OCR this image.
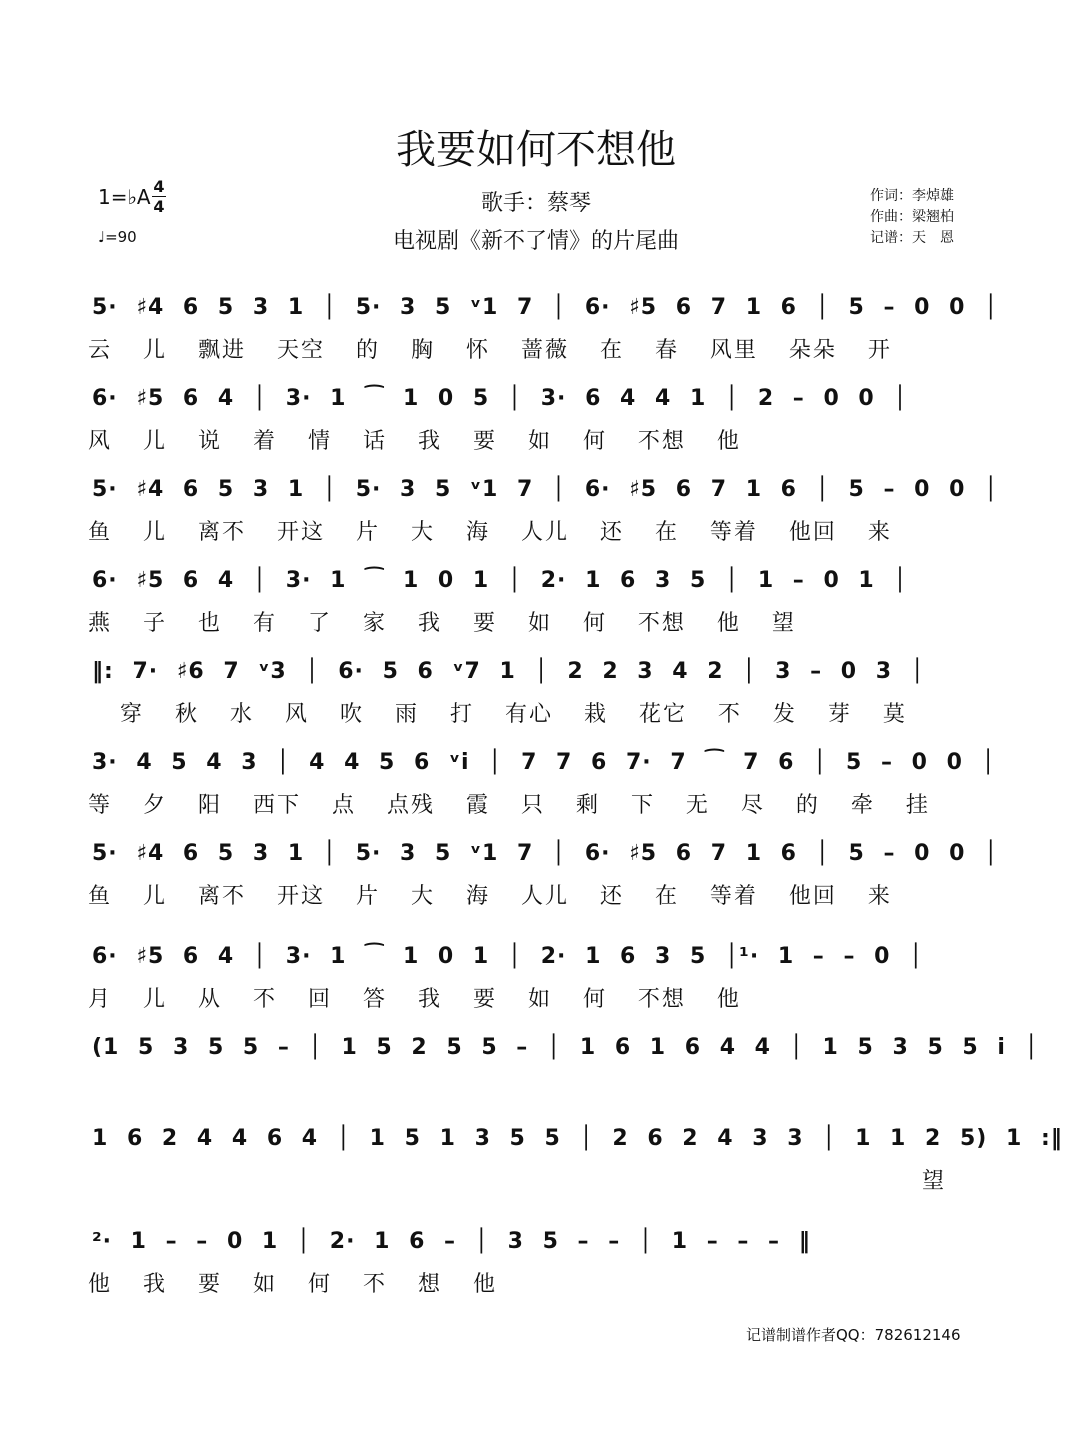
我要如何不想他
歌手：蔡琴
电视剧《新不了情》的片尾曲
1=♭A 4
4
♩=90
作词：李焯雄
作曲：梁翘柏
记谱：天　恩
5· ♯4 6 5 3 1 │ 5· 3 5 ᵛ1 7 │ 6· ♯5 6 7 1 6 │ 5 – 0 0 │
云 儿 飘进 天空 的 胸 怀 蔷薇 在 春 风里 朵朵 开
6· ♯5 6 4 │ 3· 1 ⁀ 1 0 5 │ 3· 6 4 4 1 │ 2 – 0 0 │
风 儿 说 着 情 话 我 要 如 何 不想 他
5· ♯4 6 5 3 1 │ 5· 3 5 ᵛ1 7 │ 6· ♯5 6 7 1 6 │ 5 – 0 0 │
鱼 儿 离不 开这 片 大 海 人儿 还 在 等着 他回 来
6· ♯5 6 4 │ 3· 1 ⁀ 1 0 1 │ 2· 1 6 3 5 │ 1 – 0 1 │
燕 子 也 有 了 家 我 要 如 何 不想 他 望
‖: 7· ♯6 7 ᵛ3 │ 6· 5 6 ᵛ7 1 │ 2 2 3 4 2 │ 3 – 0 3 │
穿 秋 水 风 吹 雨 打 有心 栽 花它 不 发 芽 莫
3· 4 5 4 3 │ 4 4 5 6 ᵛi │ 7 7 6 7· 7 ⁀ 7 6 │ 5 – 0 0 │
等 夕 阳 西下 点 点残 霞 只 剩 下 无 尽 的 牵 挂
5· ♯4 6 5 3 1 │ 5· 3 5 ᵛ1 7 │ 6· ♯5 6 7 1 6 │ 5 – 0 0 │
鱼 儿 离不 开这 片 大 海 人儿 还 在 等着 他回 来
6· ♯5 6 4 │ 3· 1 ⁀ 1 0 1 │ 2· 1 6 3 5 │¹· 1 – – 0 │
月 儿 从 不 回 答 我 要 如 何 不想 他
(1 5 3 5 5 – │ 1 5 2 5 5 – │ 1 6 1 6 4 4 │ 1 5 3 5 5 i │
1 6 2 4 4 6 4 │ 1 5 1 3 5 5 │ 2 6 2 4 3 3 │ 1 1 2 5) 1 :‖
望
²· 1 – – 0 1 │ 2· 1 6 – │ 3 5 – – │ 1 – – – ‖
他 我 要 如 何 不 想 他
记谱制谱作者QQ：782612146
